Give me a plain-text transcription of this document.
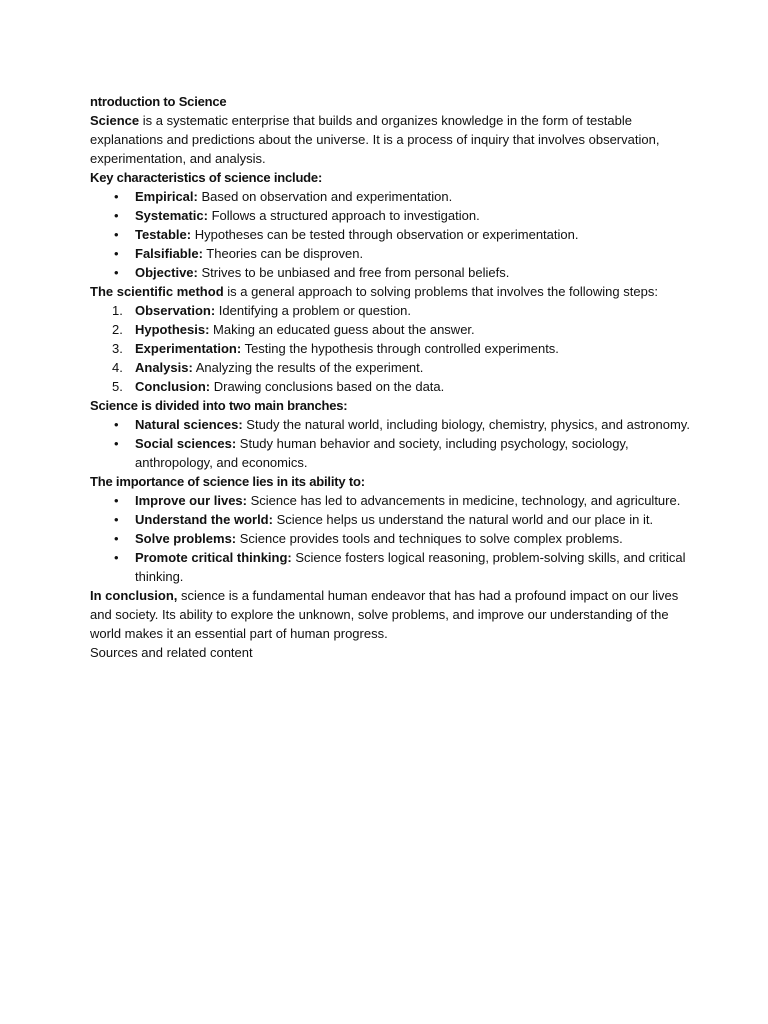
ntroduction to Science

Science is a systematic enterprise that builds and organizes knowledge in the form of testable explanations and predictions about the universe. It is a process of inquiry that involves observation, experimentation, and analysis.

Key characteristics of science include:

• Empirical: Based on observation and experimentation.
• Systematic: Follows a structured approach to investigation.
• Testable: Hypotheses can be tested through observation or experimentation.
• Falsifiable: Theories can be disproven.
• Objective: Strives to be unbiased and free from personal beliefs.

The scientific method is a general approach to solving problems that involves the following steps:

1. Observation: Identifying a problem or question.
2. Hypothesis: Making an educated guess about the answer.
3. Experimentation: Testing the hypothesis through controlled experiments.
4. Analysis: Analyzing the results of the experiment.
5. Conclusion: Drawing conclusions based on the data.

Science is divided into two main branches:

• Natural sciences: Study the natural world, including biology, chemistry, physics, and astronomy.
• Social sciences: Study human behavior and society, including psychology, sociology, anthropology, and economics.

The importance of science lies in its ability to:

• Improve our lives: Science has led to advancements in medicine, technology, and agriculture.
• Understand the world: Science helps us understand the natural world and our place in it.
• Solve problems: Science provides tools and techniques to solve complex problems.
• Promote critical thinking: Science fosters logical reasoning, problem-solving skills, and critical thinking.

In conclusion, science is a fundamental human endeavor that has had a profound impact on our lives and society. Its ability to explore the unknown, solve problems, and improve our understanding of the world makes it an essential part of human progress.

Sources and related content
